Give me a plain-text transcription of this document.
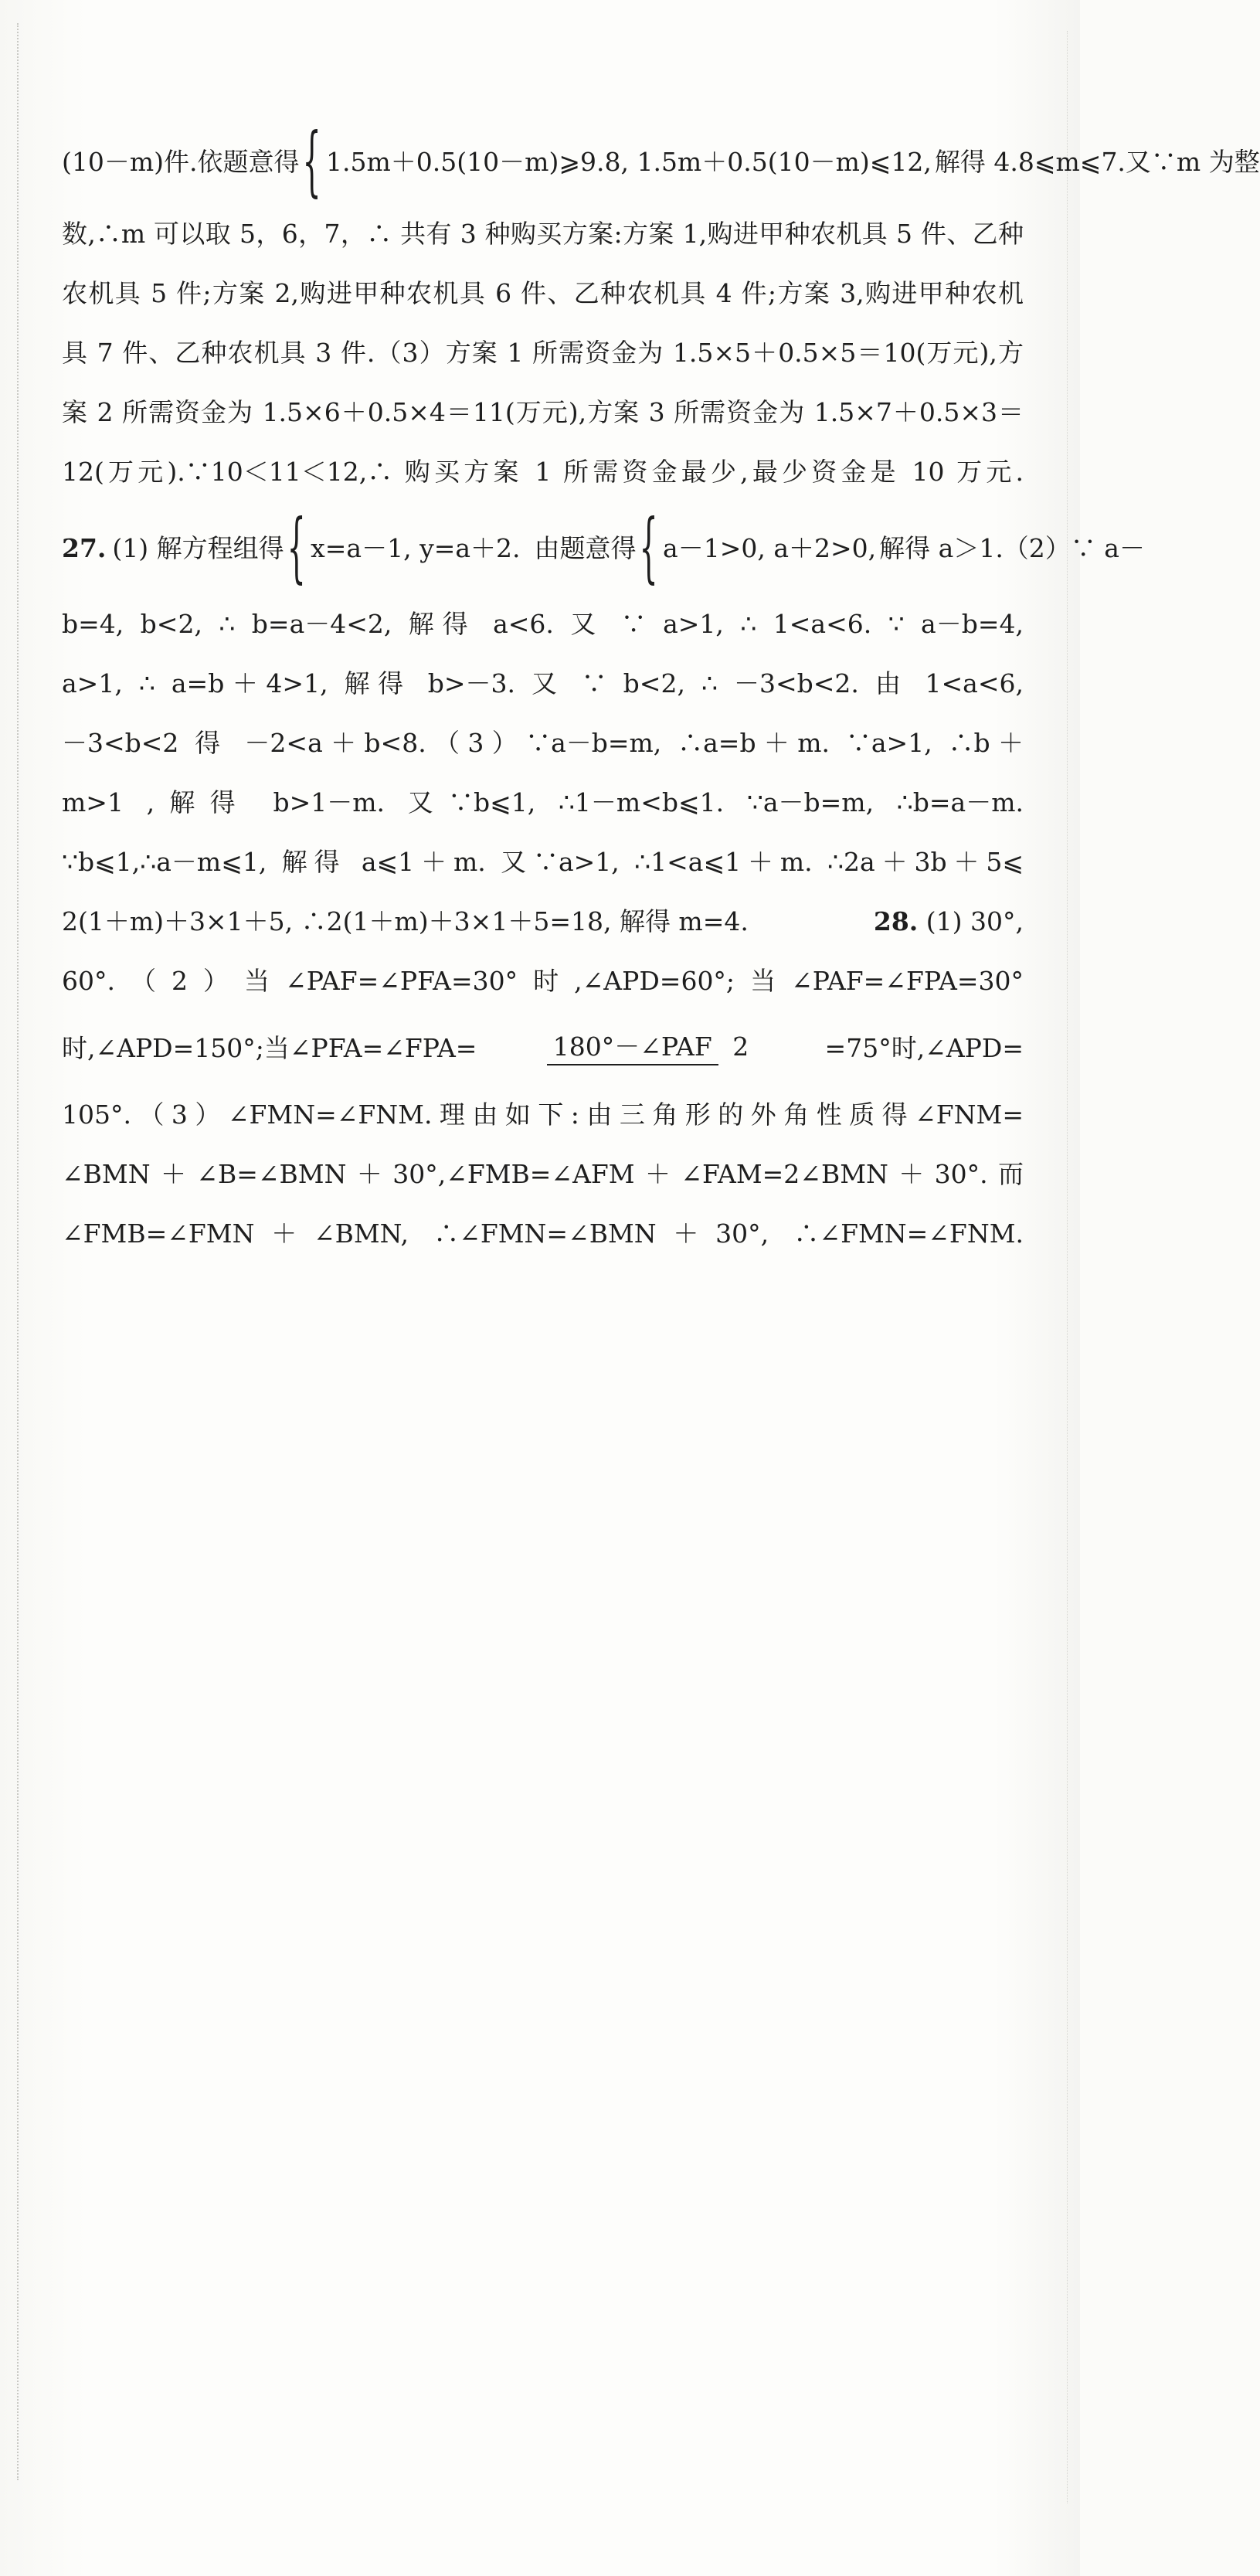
(10－m)件.依题意得 { 1.5m＋0.5(10－m)⩾9.8, 1.5m＋0.5(10－m)⩽12, 解得 4.8⩽m⩽7.又∵m 为整
数,∴m 可以取 5，6，7，∴ 共有 3 种购买方案:方案 1,购进甲种农机具 5 件、乙种
农机具 5 件;方案 2,购进甲种农机具 6 件、乙种农机具 4 件;方案 3,购进甲种农机
具 7 件、乙种农机具 3 件.（3）方案 1 所需资金为 1.5×5＋0.5×5＝10(万元),方
案 2 所需资金为 1.5×6＋0.5×4＝11(万元),方案 3 所需资金为 1.5×7＋0.5×3＝
12(万元).∵10＜11＜12,∴ 购买方案 1 所需资金最少,最少资金是 10 万元.
27. (1) 解方程组得 { x=a－1, y=a＋2. 由题意得 { a－1>0, a＋2>0, 解得 a＞1.（2）∵ a－
b=4, b<2, ∴ b=a－4<2, 解得 a<6. 又 ∵ a>1, ∴ 1<a<6. ∵ a－b=4,
a>1, ∴ a=b＋4>1, 解得 b>－3. 又 ∵ b<2, ∴ －3<b<2. 由 1<a<6,
－3<b<2 得 －2<a＋b<8.（3）∵a－b=m, ∴a=b＋m. ∵a>1, ∴b＋
m>1 ,解得 b>1－m. 又∵b⩽1, ∴1－m<b⩽1. ∵a－b=m, ∴b=a－m.
∵b⩽1,∴a－m⩽1, 解得 a⩽1＋m. 又∵a>1, ∴1<a⩽1＋m. ∴2a＋3b＋5⩽
2(1＋m)＋3×1＋5, ∴2(1＋m)＋3×1＋5=18, 解得 m=4.	28. (1) 30°,
60°.（2）当∠PAF=∠PFA=30°时,∠APD=60°;当∠PAF=∠FPA=30°
时,∠APD=150°;当∠PFA=∠FPA=	180°－∠PAF 2	=75°时,∠APD=
105°.（3）∠FMN=∠FNM.理由如下:由三角形的外角性质得∠FNM=
∠BMN＋∠B=∠BMN＋30°,∠FMB=∠AFM＋∠FAM=2∠BMN＋30°.而
∠FMB=∠FMN＋∠BMN, ∴∠FMN=∠BMN＋30°, ∴∠FMN=∠FNM.
